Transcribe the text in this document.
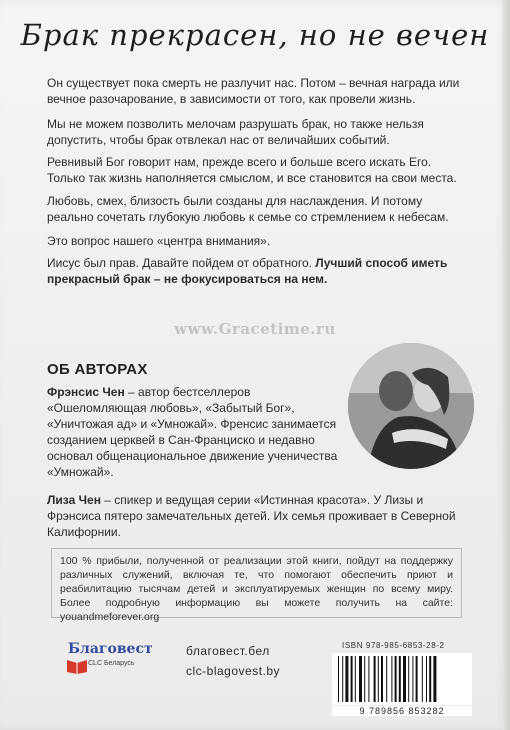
Брак прекрасен, но не вечен

Он существует пока смерть не разлучит нас. Потом – вечная награда или вечное разочарование, в зависимости от того, как провели жизнь.

Мы не можем позволить мелочам разрушать брак, но также нельзя допустить, чтобы брак отвлекал нас от величайших событий.

Ревнивый Бог говорит нам, прежде всего и больше всего искать Его. Только так жизнь наполняется смыслом, и все становится на свои места.

Любовь, смех, близость были созданы для наслаждения. И потому реально сочетать глубокую любовь к семье со стремлением к небесам.

Это вопрос нашего «центра внимания».

Иисус был прав. Давайте пойдем от обратного. Лучший способ иметь прекрасный брак – не фокусироваться на нем.

www.Gracetime.ru
ОБ АВТОРАХ

Фрэнсис Чен – автор бестселлеров «Ошеломляющая любовь», «Забытый Бог», «Уничтожая ад» и «Умножай». Френсис занимается созданием церквей в Сан-Франциско и недавно основал общенациональное движение ученичества «Умножай».

Лиза Чен – спикер и ведущая серии «Истинная красота». У Лизы и Фрэнсиса пятеро замечательных детей. Их семья проживает в Северной Калифорнии.

100 % прибыли, полученной от реализации этой книги, пойдут на поддержку различных служений, включая те, что помогают обеспечить приют и реабилитацию тысячам детей и эксплуатируемых женщин по всему миру. Более подробную информацию вы можете получить на сайте: youandmeforever.org
Благовест
CLC Беларусь
благовест.бел
clc-blagovest.by
ISBN 978-985-6853-28-2
9 789856 853282
